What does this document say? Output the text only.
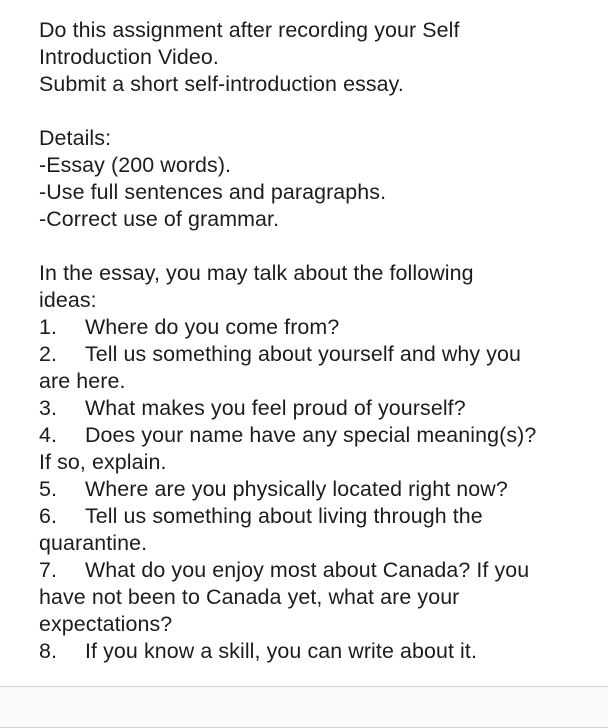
Do this assignment after recording your Self
Introduction Video.
Submit a short self-introduction essay.
Details:
-Essay (200 words).
-Use full sentences and paragraphs.
-Correct use of grammar.
In the essay, you may talk about the following
ideas:
1. Where do you come from?
2. Tell us something about yourself and why you
are here.
3. What makes you feel proud of yourself?
4. Does your name have any special meaning(s)?
If so, explain.
5. Where are you physically located right now?
6. Tell us something about living through the
quarantine.
7. What do you enjoy most about Canada? If you
have not been to Canada yet, what are your
expectations?
8. If you know a skill, you can write about it.
